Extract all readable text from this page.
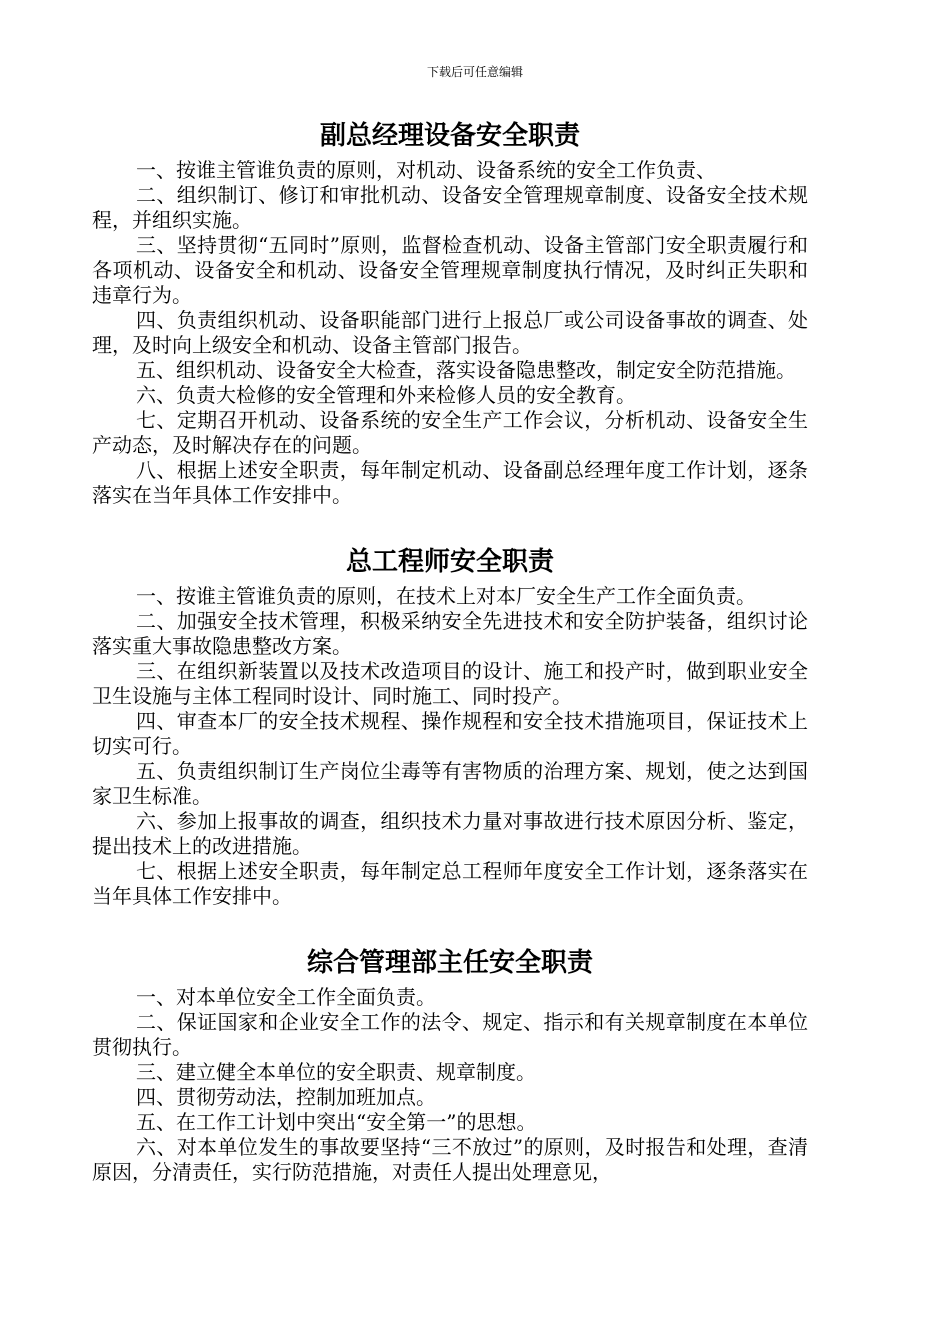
下载后可任意编辑
副总经理设备安全职责

一、按谁主管谁负责的原则，对机动、设备系统的安全工作负责、

二、组织制订、修订和审批机动、设备安全管理规章制度、设备安全技术规程，并组织实施。

三、坚持贯彻“五同时”原则，监督检查机动、设备主管部门安全职责履行和各项机动、设备安全和机动、设备安全管理规章制度执行情况，及时纠正失职和违章行为。

四、负责组织机动、设备职能部门进行上报总厂或公司设备事故的调查、处理，及时向上级安全和机动、设备主管部门报告。

五、组织机动、设备安全大检查，落实设备隐患整改，制定安全防范措施。

六、负责大检修的安全管理和外来检修人员的安全教育。

七、定期召开机动、设备系统的安全生产工作会议，分析机动、设备安全生产动态，及时解决存在的问题。

八、根据上述安全职责，每年制定机动、设备副总经理年度工作计划，逐条落实在当年具体工作安排中。

总工程师安全职责

一、按谁主管谁负责的原则，在技术上对本厂安全生产工作全面负责。

二、加强安全技术管理，积极采纳安全先进技术和安全防护装备，组织讨论落实重大事故隐患整改方案。

三、在组织新装置以及技术改造项目的设计、施工和投产时，做到职业安全卫生设施与主体工程同时设计、同时施工、同时投产。

四、审查本厂的安全技术规程、操作规程和安全技术措施项目，保证技术上切实可行。

五、负责组织制订生产岗位尘毒等有害物质的治理方案、规划，使之达到国家卫生标准。

六、参加上报事故的调查，组织技术力量对事故进行技术原因分析、鉴定，提出技术上的改进措施。

七、根据上述安全职责，每年制定总工程师年度安全工作计划，逐条落实在当年具体工作安排中。

综合管理部主任安全职责

一、对本单位安全工作全面负责。

二、保证国家和企业安全工作的法令、规定、指示和有关规章制度在本单位贯彻执行。

三、建立健全本单位的安全职责、规章制度。

四、贯彻劳动法，控制加班加点。

五、在工作工计划中突出“安全第一”的思想。

六、对本单位发生的事故要坚持“三不放过”的原则，及时报告和处理，查清原因，分清责任，实行防范措施，对责任人提出处理意见，
